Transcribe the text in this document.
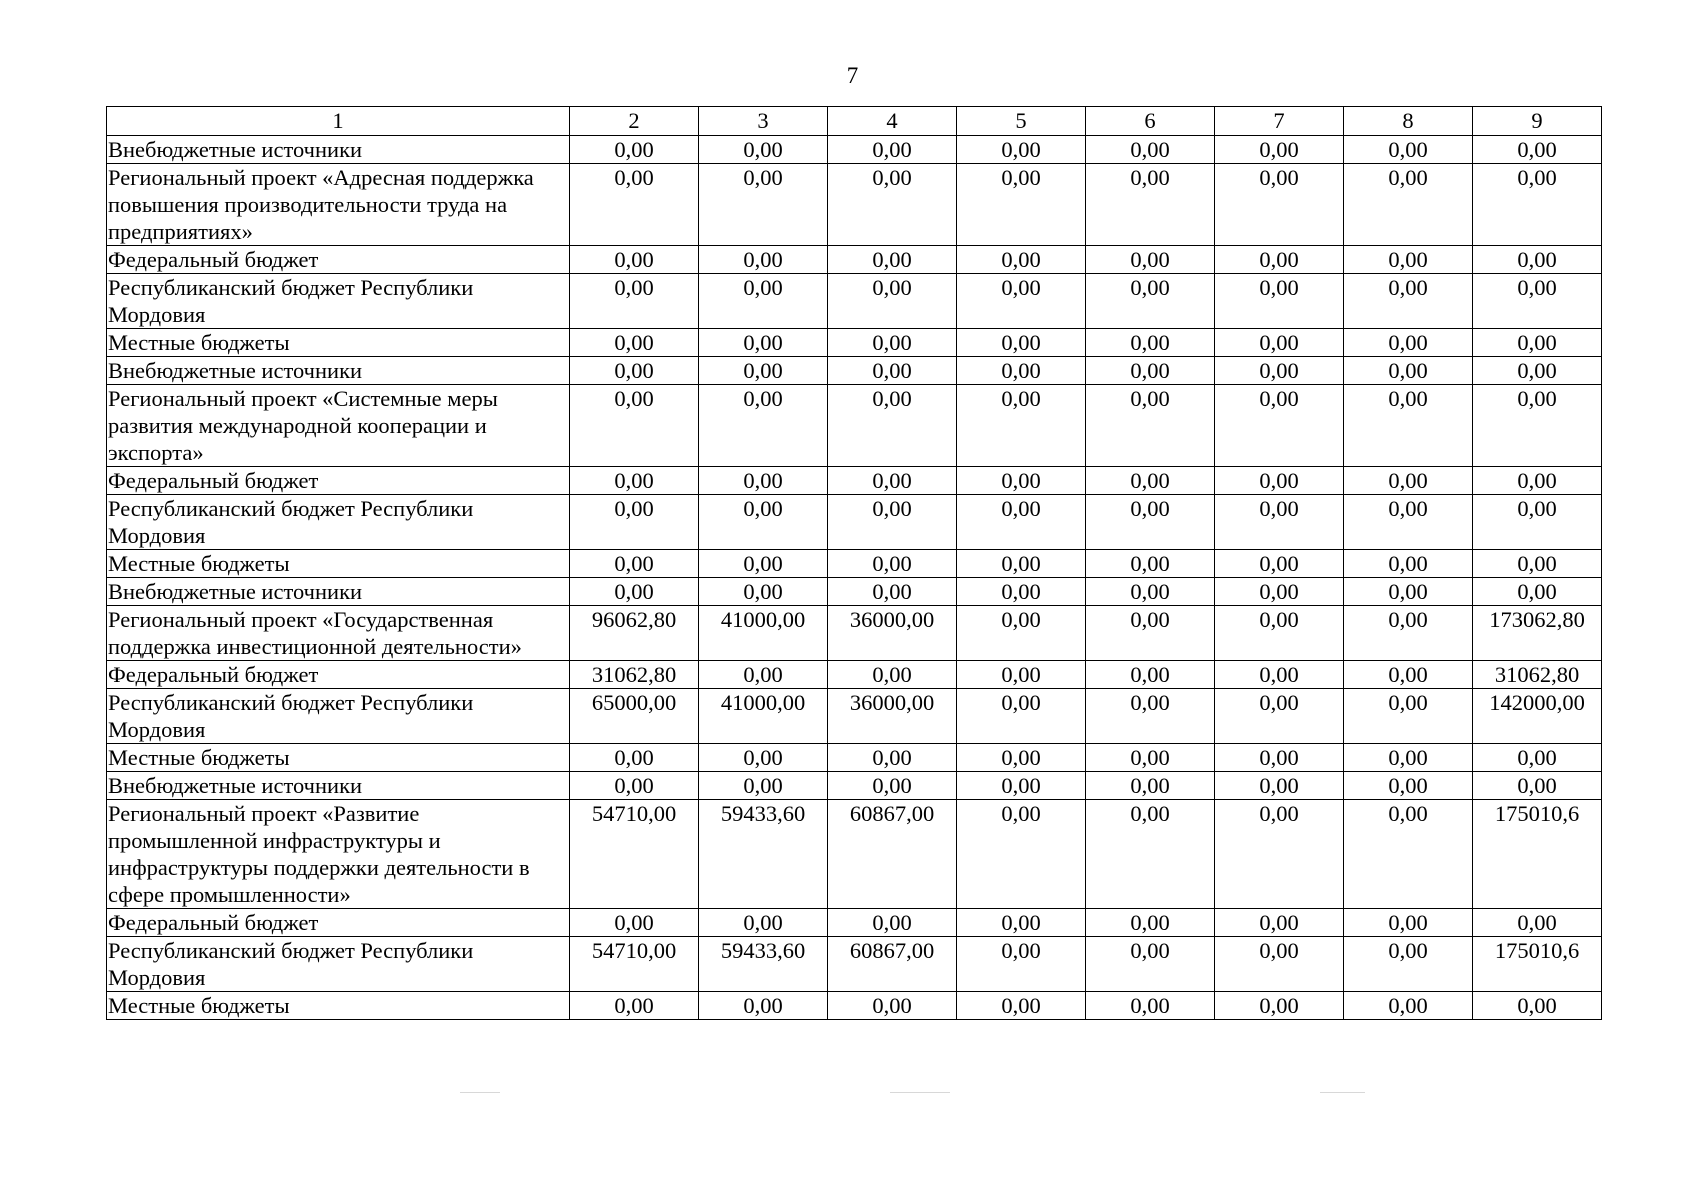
7
1	2	3	4	5	6	7	8	9
Внебюджетные источники	0,00	0,00	0,00	0,00	0,00	0,00	0,00	0,00
Региональный проект «Адресная поддержка повышения производительности труда на предприятиях»	0,00	0,00	0,00	0,00	0,00	0,00	0,00	0,00
Федеральный бюджет	0,00	0,00	0,00	0,00	0,00	0,00	0,00	0,00
Республиканский бюджет Республики Мордовия	0,00	0,00	0,00	0,00	0,00	0,00	0,00	0,00
Местные бюджеты	0,00	0,00	0,00	0,00	0,00	0,00	0,00	0,00
Внебюджетные источники	0,00	0,00	0,00	0,00	0,00	0,00	0,00	0,00
Региональный проект «Системные меры развития международной кооперации и экспорта»	0,00	0,00	0,00	0,00	0,00	0,00	0,00	0,00
Федеральный бюджет	0,00	0,00	0,00	0,00	0,00	0,00	0,00	0,00
Республиканский бюджет Республики Мордовия	0,00	0,00	0,00	0,00	0,00	0,00	0,00	0,00
Местные бюджеты	0,00	0,00	0,00	0,00	0,00	0,00	0,00	0,00
Внебюджетные источники	0,00	0,00	0,00	0,00	0,00	0,00	0,00	0,00
Региональный проект «Государственная поддержка инвестиционной деятельности»	96062,80	41000,00	36000,00	0,00	0,00	0,00	0,00	173062,80
Федеральный бюджет	31062,80	0,00	0,00	0,00	0,00	0,00	0,00	31062,80
Республиканский бюджет Республики Мордовия	65000,00	41000,00	36000,00	0,00	0,00	0,00	0,00	142000,00
Местные бюджеты	0,00	0,00	0,00	0,00	0,00	0,00	0,00	0,00
Внебюджетные источники	0,00	0,00	0,00	0,00	0,00	0,00	0,00	0,00
Региональный проект «Развитие промышленной инфраструктуры и инфраструктуры поддержки деятельности в сфере промышленности»	54710,00	59433,60	60867,00	0,00	0,00	0,00	0,00	175010,6
Федеральный бюджет	0,00	0,00	0,00	0,00	0,00	0,00	0,00	0,00
Республиканский бюджет Республики Мордовия	54710,00	59433,60	60867,00	0,00	0,00	0,00	0,00	175010,6
Местные бюджеты	0,00	0,00	0,00	0,00	0,00	0,00	0,00	0,00
